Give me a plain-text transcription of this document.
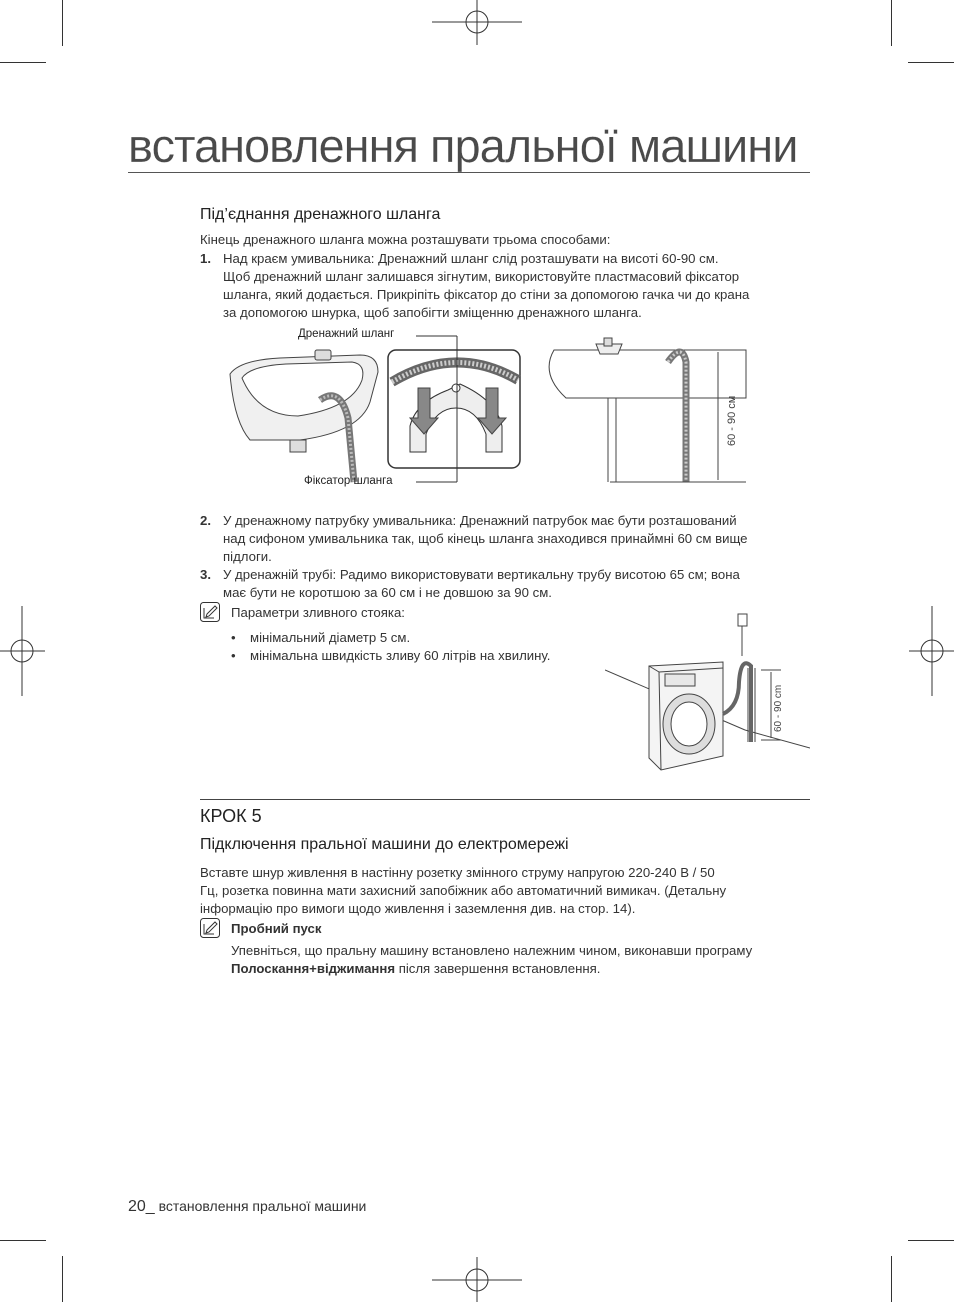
встановлення пральної машини
Під’єднання дренажного шланга
Кінець дренажного шланга можна розташувати трьома способами:
1. Над краєм умивальника: Дренажний шланг слід розташувати на висоті 60-90 см.
Щоб дренажний шланг залишався зігнутим, використовуйте пластмасовий фіксатор
шланга, який додається. Прикріпіть фіксатор до стіни за допомогою гачка чи до крана
за допомогою шнурка, щоб запобігти зміщенню дренажного шланга.
Дренажний шланг
Фіксатор шланга
60 - 90 см
2. У дренажному патрубку умивальника: Дренажний патрубок має бути розташований
над сифоном умивальника так, щоб кінець шланга знаходився принаймні 60 см вище
підлоги.
3. У дренажній трубі: Радимо використовувати вертикальну трубу висотою 65 см; вона
має бути не коротшою за 60 см і не довшою за 90 см.
Параметри зливного стояка:
• мінімальний діаметр 5 см.
• мінімальна швидкість зливу 60 літрів на хвилину.
60 - 90 cm
КРОК 5
Підключення пральної машини до електромережі
Вставте шнур живлення в настінну розетку змінного струму напругою 220-240 В / 50
Гц, розетка повинна мати захисний запобіжник або автоматичний вимикач. (Детальну
інформацію про вимоги щодо живлення і заземлення див. на стор. 14).
Пробний пуск
Упевніться, що пральну машину встановлено належним чином, виконавши програму
Полоскання+віджимання після завершення встановлення.
20_ встановлення пральної машини
